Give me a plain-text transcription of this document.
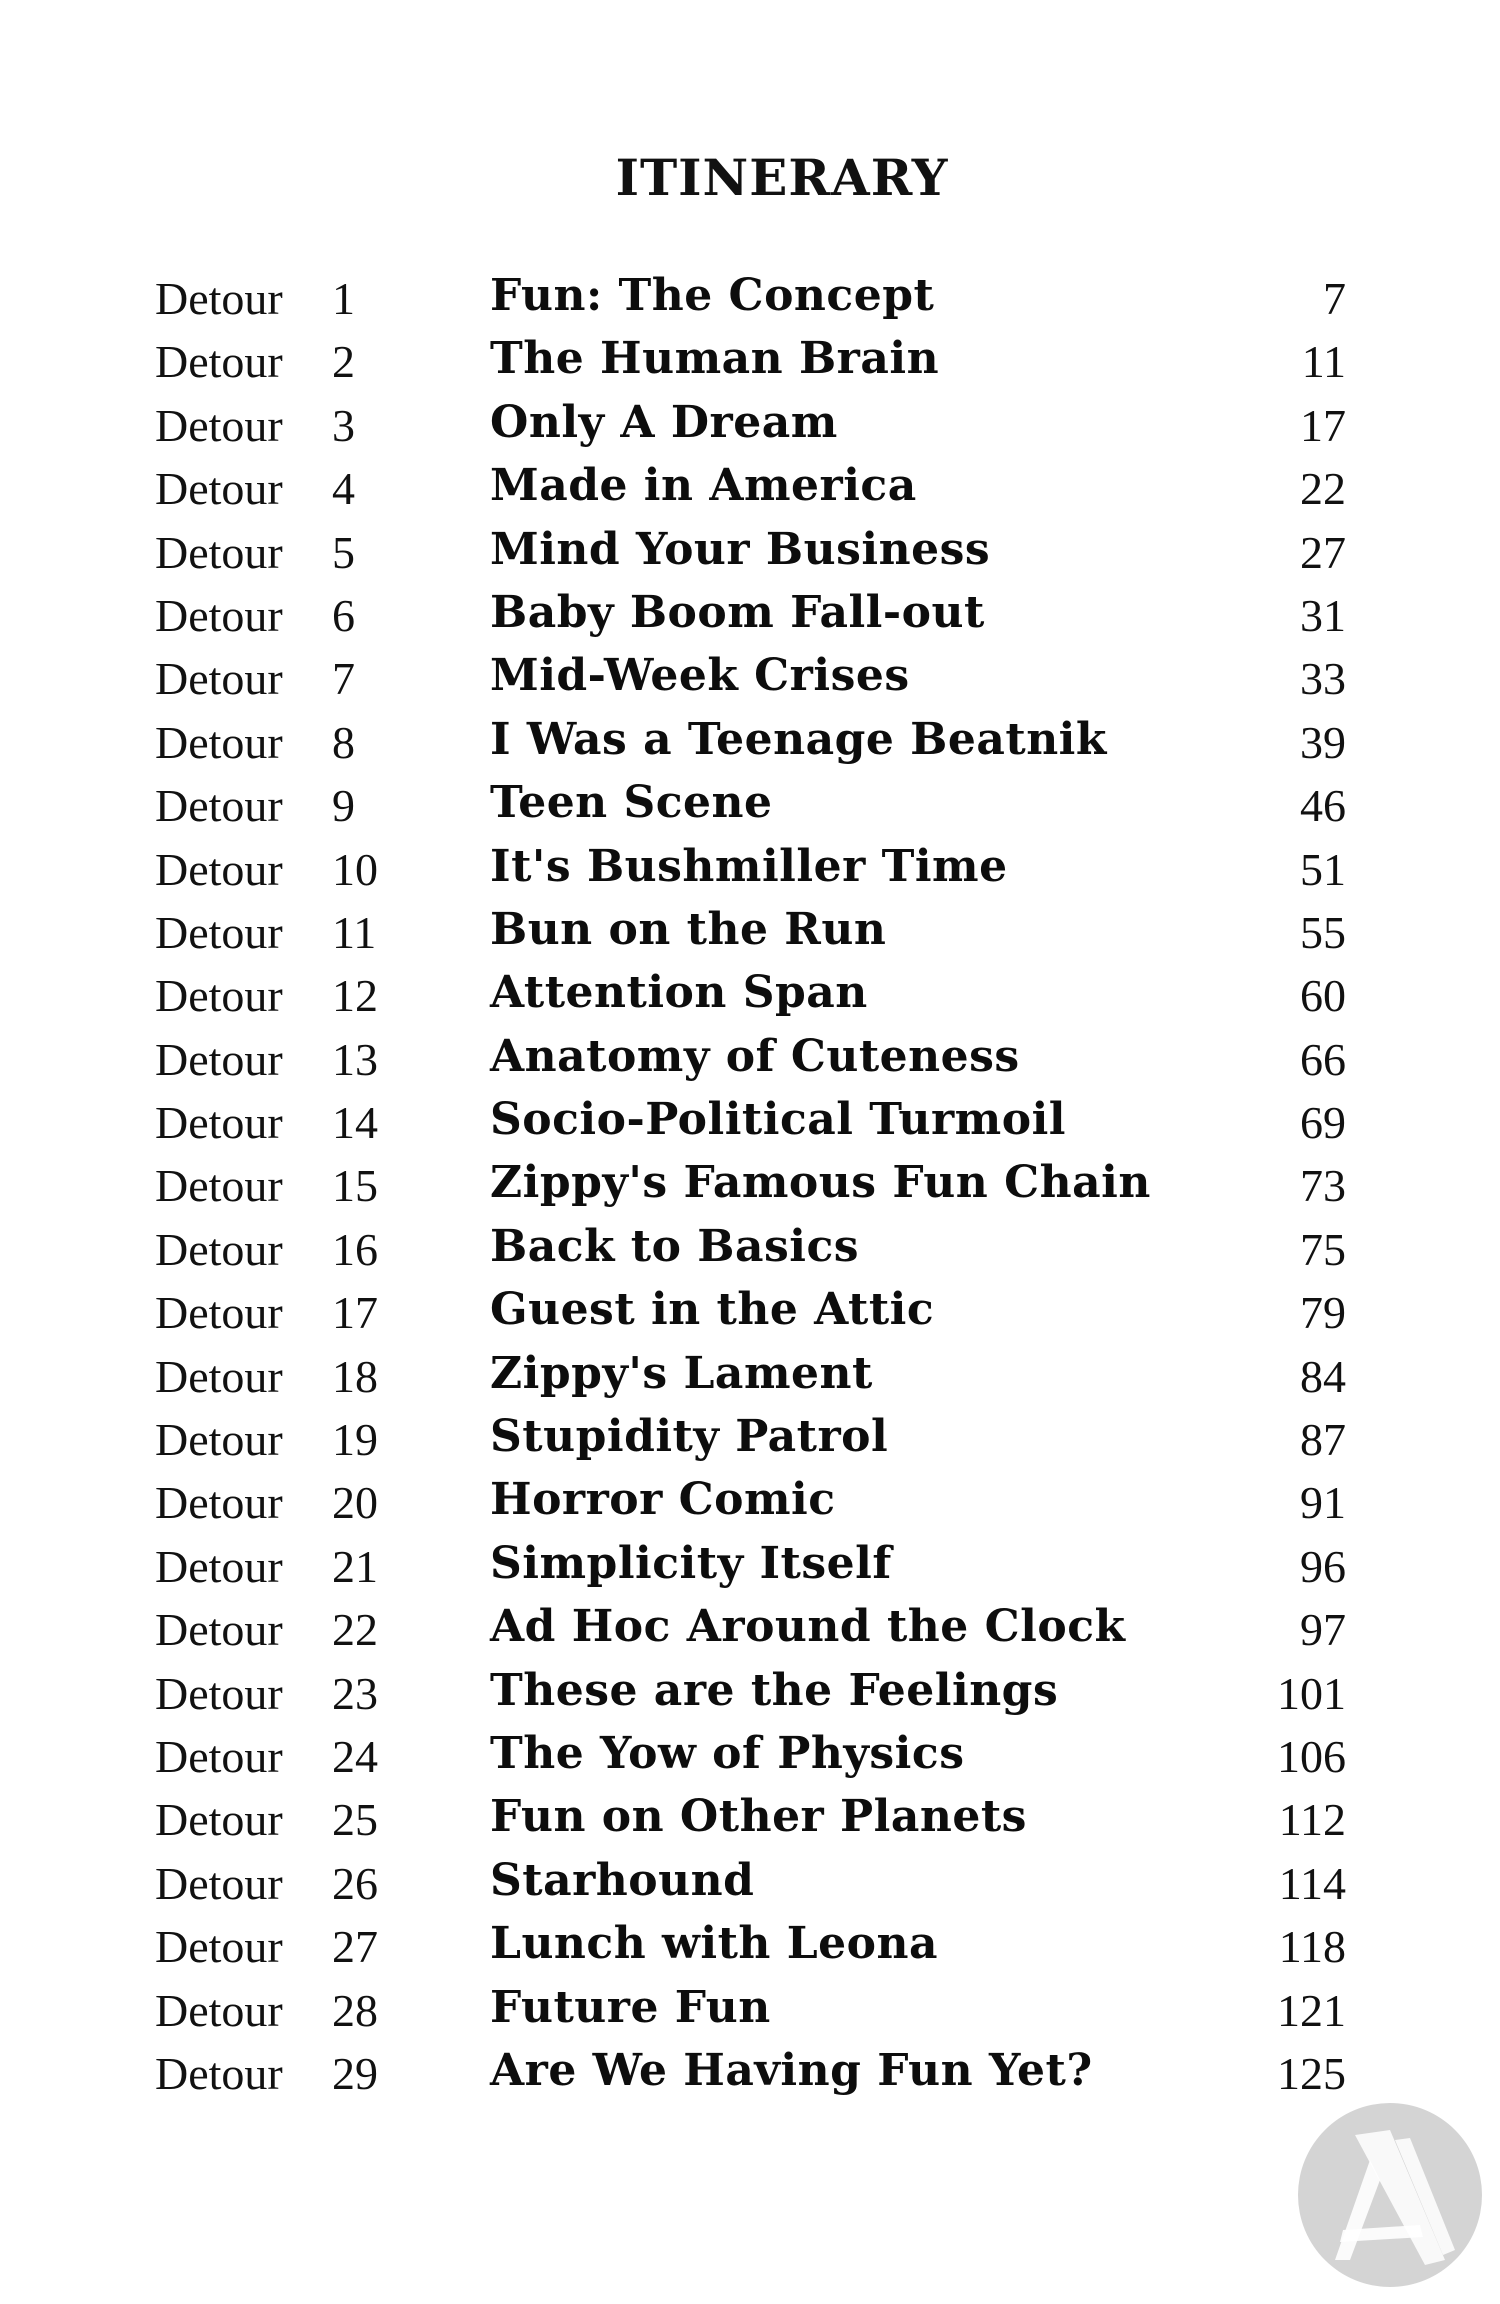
ITINERARY
Detour 1	Fun: The Concept	7
Detour 2	The Human Brain	11
Detour 3	Only A Dream	17
Detour 4	Made in America	22
Detour 5	Mind Your Business	27
Detour 6	Baby Boom Fall-out	31
Detour 7	Mid-Week Crises	33
Detour 8	I Was a Teenage Beatnik	39
Detour 9	Teen Scene	46
Detour 10	It's Bushmiller Time	51
Detour 11	Bun on the Run	55
Detour 12	Attention Span	60
Detour 13	Anatomy of Cuteness	66
Detour 14	Socio-Political Turmoil	69
Detour 15	Zippy's Famous Fun Chain	73
Detour 16	Back to Basics	75
Detour 17	Guest in the Attic	79
Detour 18	Zippy's Lament	84
Detour 19	Stupidity Patrol	87
Detour 20	Horror Comic	91
Detour 21	Simplicity Itself	96
Detour 22	Ad Hoc Around the Clock	97
Detour 23	These are the Feelings	101
Detour 24	The Yow of Physics	106
Detour 25	Fun on Other Planets	112
Detour 26	Starhound	114
Detour 27	Lunch with Leona	118
Detour 28	Future Fun	121
Detour 29	Are We Having Fun Yet?	125
